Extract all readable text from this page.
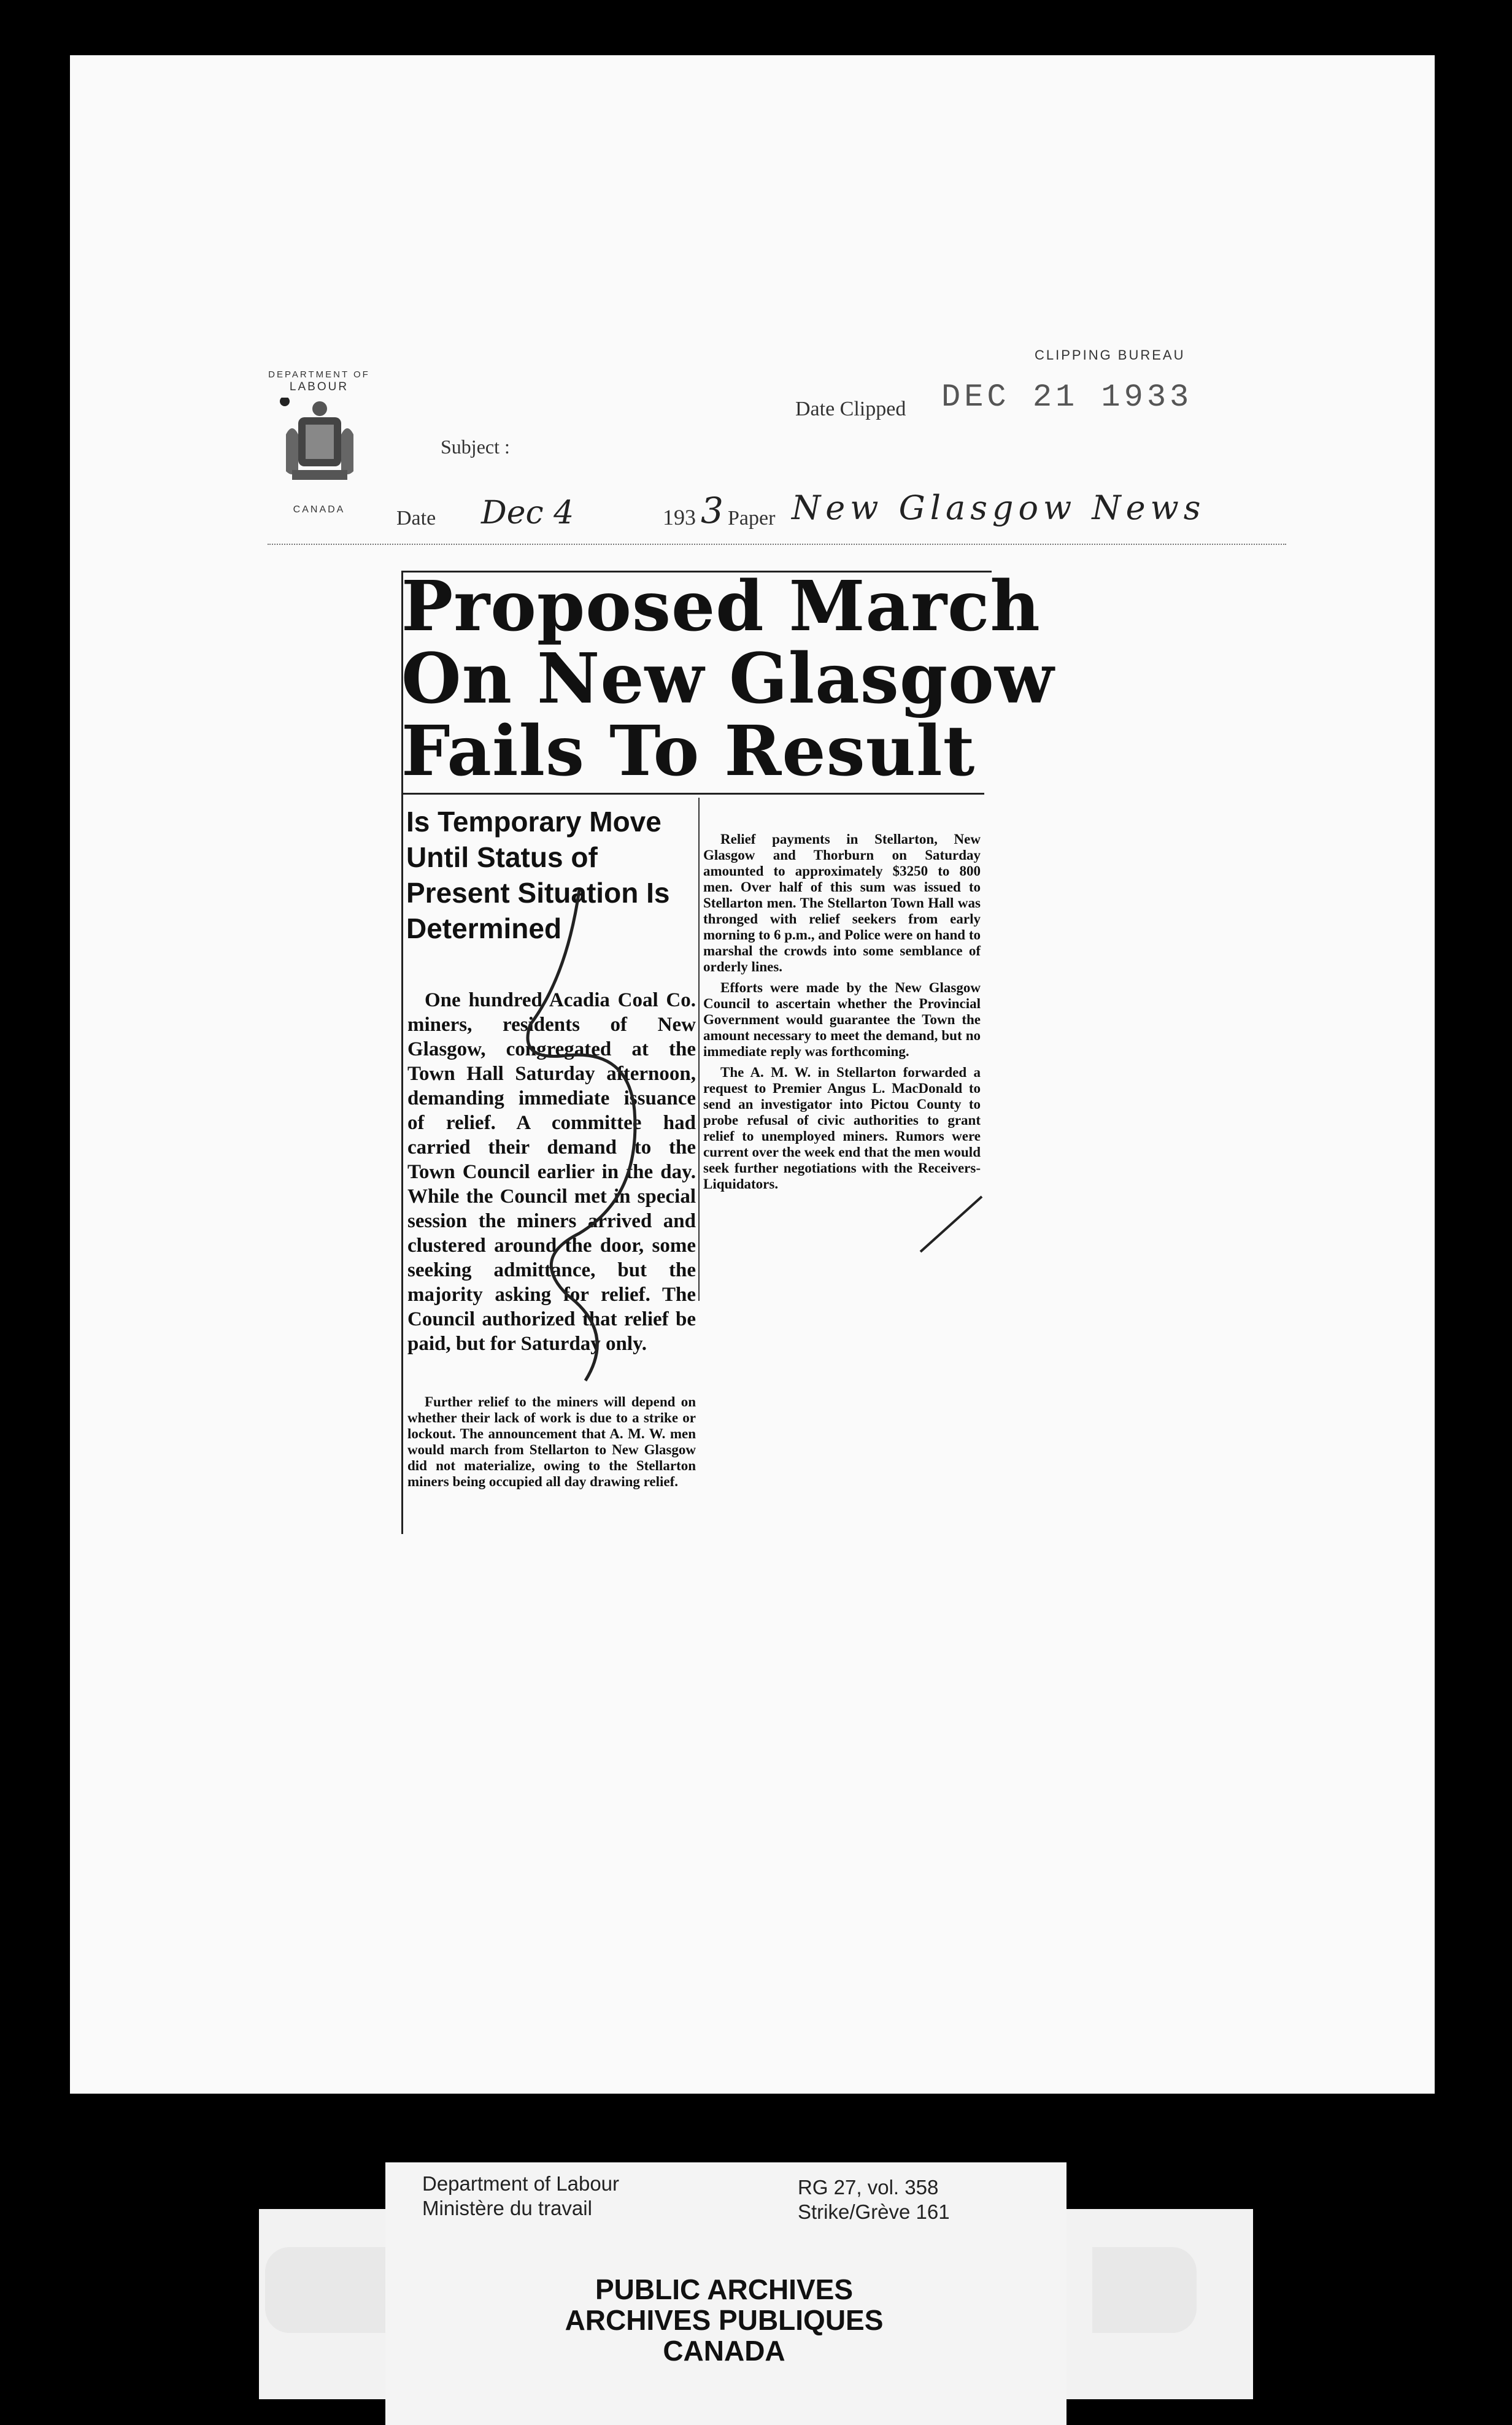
CLIPPING BUREAU
DEPARTMENT OF
LABOUR
CANADA
Subject :
Date Clipped DEC 21 1933
Date Dec 4	193 3 Paper New Glasgow News
Proposed March
On New Glasgow
Fails To Result
Is Temporary Move Until Status of Present Situation Is Determined

One hundred Acadia Coal Co. miners, residents of New Glasgow, congregated at the Town Hall Saturday afternoon, demanding immediate issuance of relief. A committee had carried their demand to the Town Council earlier in the day. While the Council met in special session the miners arrived and clustered around the door, some seeking admittance, but the majority asking for relief. The Council authorized that relief be paid, but for Saturday only.

Further relief to the miners will depend on whether their lack of work is due to a strike or lockout. The announcement that A. M. W. men would march from Stellarton to New Glasgow did not materialize, owing to the Stellarton miners being occupied all day drawing relief.

Relief payments in Stellarton, New Glasgow and Thorburn on Saturday amounted to approximately $3250 to 800 men. Over half of this sum was issued to Stellarton men. The Stellarton Town Hall was thronged with relief seekers from early morning to 6 p.m., and Police were on hand to marshal the crowds into some semblance of orderly lines.

Efforts were made by the New Glasgow Council to ascertain whether the Provincial Government would guarantee the Town the amount necessary to meet the demand, but no immediate reply was forthcoming.

The A. M. W. in Stellarton forwarded a request to Premier Angus L. MacDonald to send an investigator into Pictou County to probe refusal of civic authorities to grant relief to unemployed miners. Rumors were current over the week end that the men would seek further negotiations with the Receivers-Liquidators.

Department of Labour
Ministère du travail
RG 27, vol. 358
Strike/Grève 161
PUBLIC ARCHIVES
ARCHIVES PUBLIQUES
CANADA
